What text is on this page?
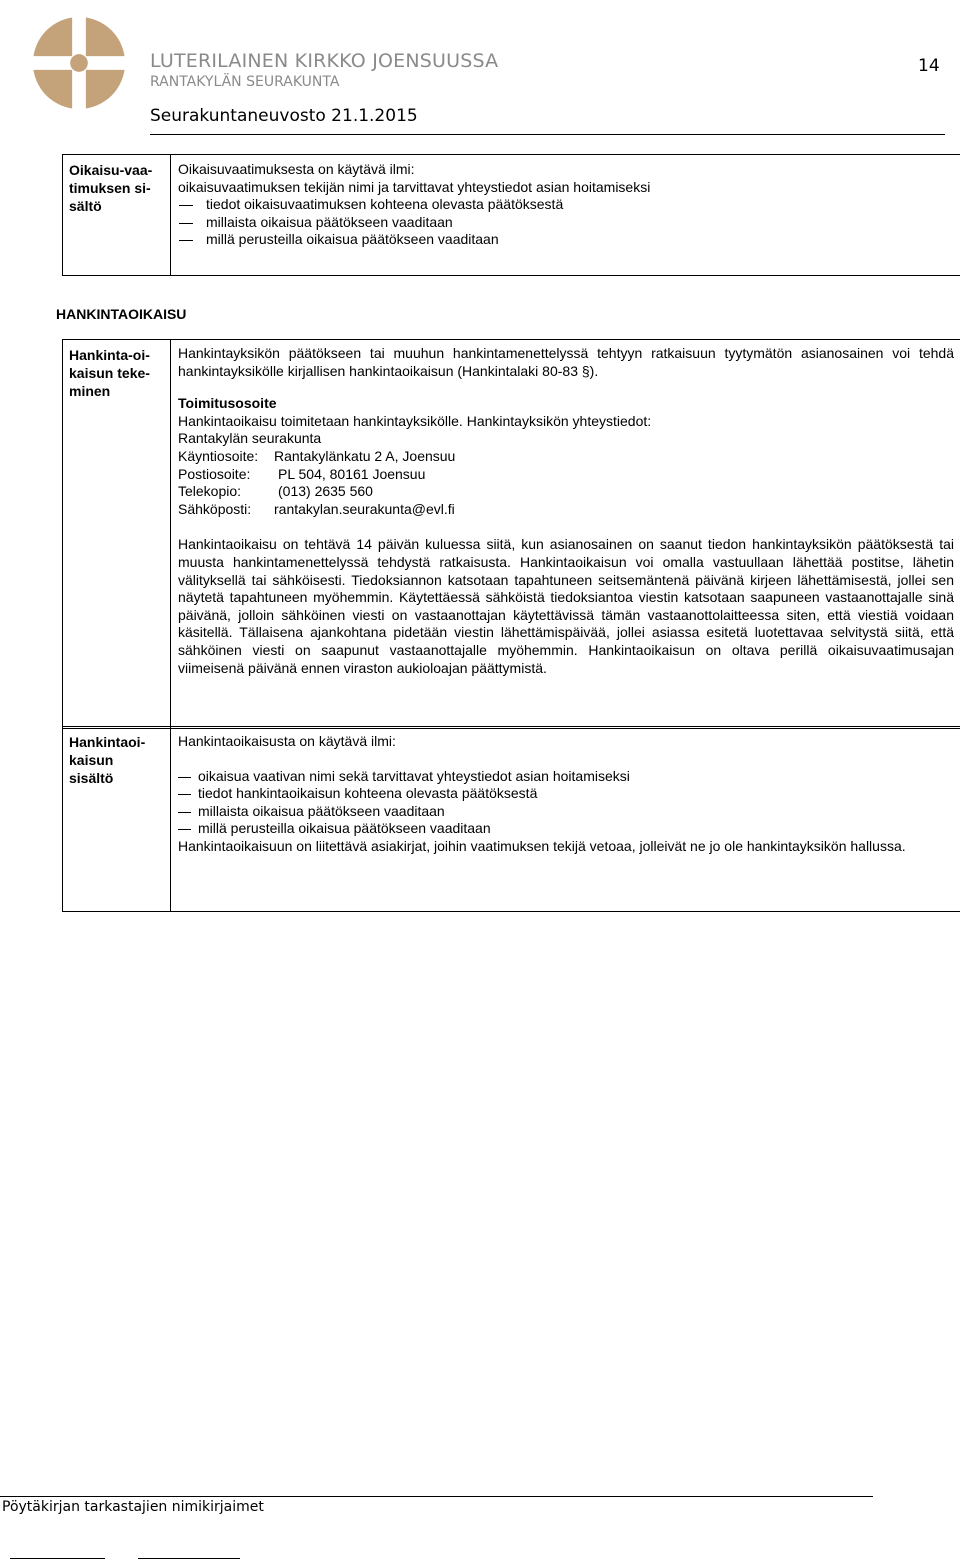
LUTERILAINEN KIRKKO JOENSUUSSA
RANTAKYLÄN SEURAKUNTA
Seurakuntaneuvosto 21.1.2015
14
Oikaisu-vaa-
timuksen si-
sältö
Oikaisuvaatimuksesta on käytävä ilmi:
oikaisuvaatimuksen tekijän nimi ja tarvittavat yhteystiedot asian hoitamiseksi
tiedot oikaisuvaatimuksen kohteena olevasta päätöksestä
millaista oikaisua päätökseen vaaditaan
millä perusteilla oikaisua päätökseen vaaditaan
HANKINTAOIKAISU
Hankinta-oi-
kaisun teke-
minen
Hankintayksikön päätökseen tai muuhun hankintamenettelyssä tehtyyn ratkaisuun tyytymätön asianosainen voi tehdä hankintayksikölle kirjallisen hankintaoikaisun (Hankintalaki 80-83 §).
Toimitusosoite
Hankintaoikaisu toimitetaan hankintayksikölle. Hankintayksikön yhteystiedot:
Rantakylän seurakunta
Käyntiosoite: Rantakylänkatu 2 A, Joensuu
Postiosoite: PL 504, 80161 Joensuu
Telekopio:	(013) 2635 560
Sähköposti: rantakylan.seurakunta@evl.fi
Hankintaoikaisu on tehtävä 14 päivän kuluessa siitä, kun asianosainen on saanut tiedon hankintayksikön päätöksestä tai muusta hankintamenettelyssä tehdystä ratkaisusta. Hankintaoikaisun voi omalla vastuullaan lähettää postitse, lähetin välityksellä tai sähköisesti. Tiedoksiannon katsotaan tapahtuneen seitsemäntenä päivänä kirjeen lähettämisestä, jollei sen näytetä tapahtuneen myöhemmin. Käytettäessä sähköistä tiedoksiantoa viestin katsotaan saapuneen vastaanottajalle sinä päivänä, jolloin sähköinen viesti on vastaanottajan käytettävissä tämän vastaanottolaitteessa siten, että viestiä voidaan käsitellä. Tällaisena ajankohtana pidetään viestin lähettämispäivää, jollei asiassa esitetä luotettavaa selvitystä siitä, että sähköinen viesti on saapunut vastaanottajalle myöhemmin. Hankintaoikaisun on oltava perillä oikaisuvaatimusajan viimeisenä päivänä ennen viraston aukioloajan päättymistä.
Hankintaoi-
kaisun
sisältö
Hankintaoikaisusta on käytävä ilmi:
oikaisua vaativan nimi sekä tarvittavat yhteystiedot asian hoitamiseksi
tiedot hankintaoikaisun kohteena olevasta päätöksestä
millaista oikaisua päätökseen vaaditaan
millä perusteilla oikaisua päätökseen vaaditaan
Hankintaoikaisuun on liitettävä asiakirjat, joihin vaatimuksen tekijä vetoaa, jolleivät ne jo ole hankintayksikön hallussa.
Pöytäkirjan tarkastajien nimikirjaimet
